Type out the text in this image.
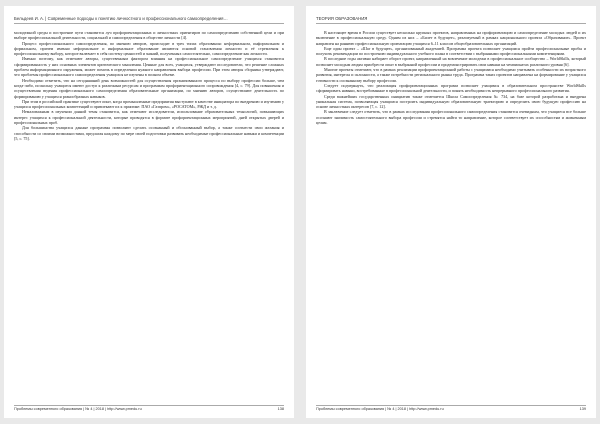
Бельдеев И. А. | Современные подходы к понятию личностного и профессионального самоопределения…

молодежной среды и построение пути становится луч профориентационных и личностных ориентиров по самоопределению собственной цели и при выборе профессиональной деятельности, социальной и самоопределения в обществе личности [4].

Процесс профессионального самоопределения, по мнению авторов, происходит в трех типах образования: неформальном, информальном и формальном, причем именно неформальное и информальное образование являются основой становления личности и её стремления к профессиональному выбору, которое включает в себя систему ценностей и знаний, полученных самостоятельно, самоопределение как личности.

Именно поэтому, как отмечают авторы, существенным фактором влияния на профессиональное самоопределение учащихся становится сформированность у них основных элементов критического мышления. Ценные для всех, учащихся, утверждают исследователи, что решение сложных проблем информационного окружения, может помочь в определении нужного направления выбора профессии. При этом авторы сборника утверждают, что проблемы профессионального самоопределения учащихся не изучены в полном объеме.

Необходимо отметить, что на сегодняшний день возможностей для осуществления организованного процесса по выбору профессии больше, чем когда-либо, поскольку учащиеся имеют доступ к различным ресурсам и программам профориентационного сопровождения [4, с. 79]. Для повышения и осуществления ведения профессионального самоопределения образовательные организации, по мнению авторов, осуществляют деятельность по формированию у учащихся разнообразных навыков.

При этом в российской практике существуют опыт, когда промышленные предприятия выступают в качестве инициатора по внедрению и изучению у учащихся профессиональных компетенций и привлекают их к практике: ПАО «Газпром», «РОСАТОМ», РЖД и т. д.

Немаловажным в изучении данной темы становится, как отмечают исследователи, использование образовательных технологий, повышающих интерес учащихся к профессиональной деятельности, которые проводятся в формате профориентационных мероприятий, дней открытых дверей и профессиональных проб.

Для большинства учащихся данные программы позволяют сделать осознанный и обоснованный выбор, а также соотнести свои желания и способности со своими возможностями, предлагая каждому по мере своей подготовки развивать необходимые профессиональные навыки и компетенции [5, с. 75].

Проблемы современного образования | № 4 | 2018 | http://www.pmedu.ru	138
ТЕОРИЯ ОБРАЗОВАНИЯ

В настоящее время в России существует несколько крупных проектов, направленных на профориентацию и самоопределение молодых людей и их включение в профессиональную среду. Одним из них – «Билет в будущее», реализуемый в рамках национального проекта «Образование». Проект направлен на раннюю профессиональную ориентацию учащихся 6–11 классов общеобразовательных организаций.

Еще один проект – «Шаг в будущее», организованный академией. Программа проекта позволяет учащимся пройти профессиональные пробы и получить рекомендации по построению индивидуального учебного плана в соответствии с выбранными профессиональными компетенциями.

В последние годы активно набирает оборот проект, направленный на вовлечение молодежи в профессиональное сообщество – WorldSkills, который позволяет молодым людям приобрести опыт в выбранной профессии и продемонстрировать свои навыки на чемпионатах различного уровня [6].

Многие проекты отмечают, что в рамках реализации профориентационной работы с учащимися необходимо учитывать особенности их возрастного развития, интересы и склонности, а также потребности регионального рынка труда. Программа таких проектов направлена на формирование у учащихся готовности к осознанному выбору профессии.

Следует подчеркнуть, что реализация профориентационных программ позволяет учащимся в образовательном пространстве WorldSkills сформировать навыки, востребованные в профессиональной деятельности, и понять необходимость непрерывного профессионального развития.

Среди важнейших государственных инициатив также отмечается Школа Самоопределения № 734, на базе которой разработана и внедрена уникальная система, позволяющая учащимся построить индивидуальную образовательную траекторию и определить свою будущую профессию на основе личностных интересов [7, с. 12].

В заключение следует отметить, что в рамках исследования профессионального самоопределения становится очевидным, что учащиеся все больше осознают значимость самостоятельного выбора профессии и стремятся найти то направление, которое соответствует их способностям и жизненным целям.

Проблемы современного образования | № 4 | 2018 | http://www.pmedu.ru	139
